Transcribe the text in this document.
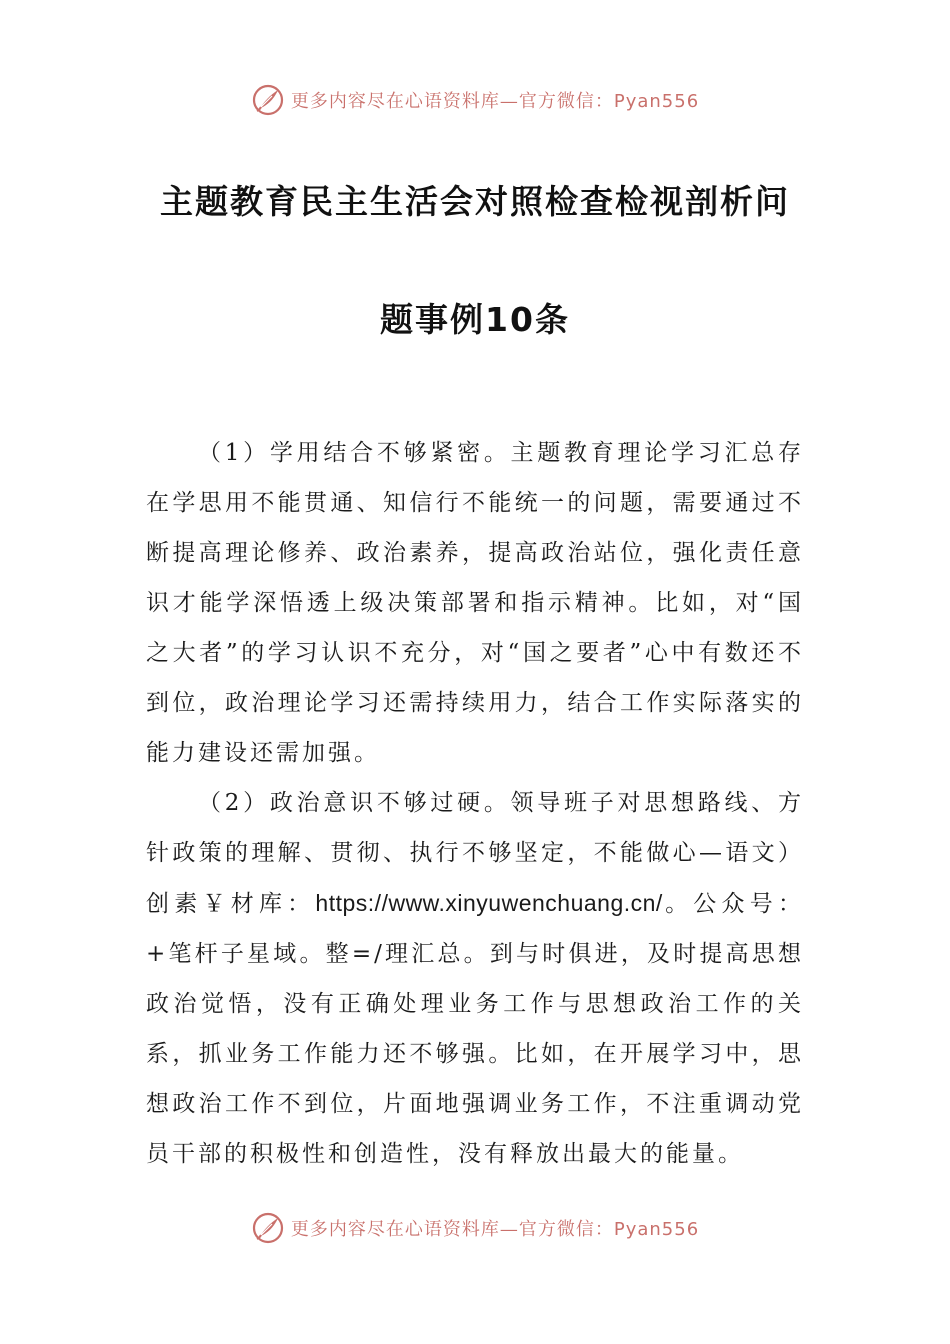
更多内容尽在心语资料库—官方微信：Pyan556
主题教育民主生活会对照检查检视剖析问
题事例10条

（1）学用结合不够紧密。主题教育理论学习汇总存在学思用不能贯通、知信行不能统一的问题，需要通过不断提高理论修养、政治素养，提高政治站位，强化责任意识才能学深悟透上级决策部署和指示精神。比如，对“国之大者”的学习认识不充分，对“国之要者”心中有数还不到位，政治理论学习还需持续用力，结合工作实际落实的能力建设还需加强。

（2）政治意识不够过硬。领导班子对思想路线、方针政策的理解、贯彻、执行不够坚定，不能做心—语文）创素￥材库：https://www.xinyuwenchuang.cn/。公众号：+笔杆子星域。整=/理汇总。到与时俱进，及时提高思想政治觉悟，没有正确处理业务工作与思想政治工作的关系，抓业务工作能力还不够强。比如，在开展学习中，思想政治工作不到位，片面地强调业务工作，不注重调动党员干部的积极性和创造性，没有释放出最大的能量。

更多内容尽在心语资料库—官方微信：Pyan556
